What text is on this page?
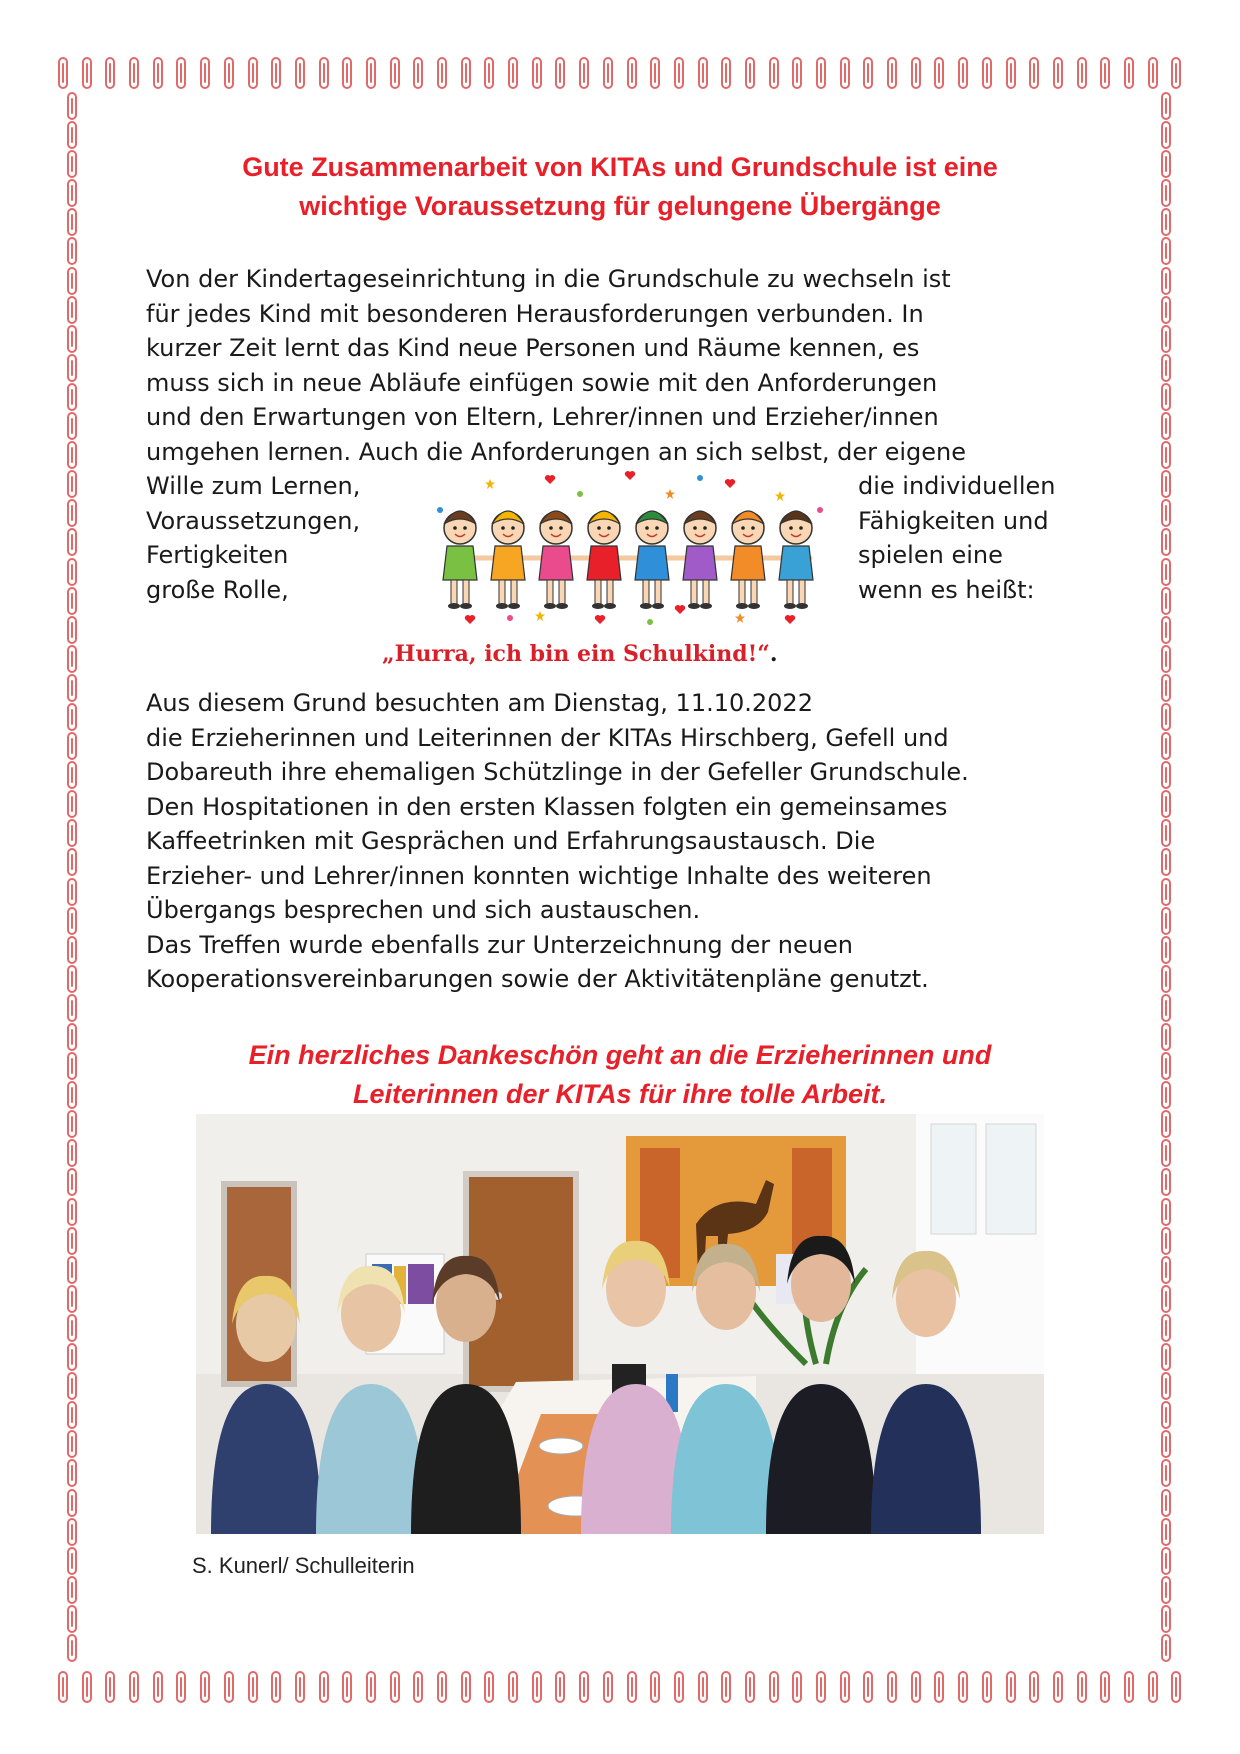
Gute Zusammenarbeit von KITAs und Grundschule ist eine
wichtige Voraussetzung für gelungene Übergänge
Von der Kindertageseinrichtung in die Grundschule zu wechseln ist
für jedes Kind mit besonderen Herausforderungen verbunden. In
kurzer Zeit lernt das Kind neue Personen und Räume kennen, es
muss sich in neue Abläufe einfügen sowie mit den Anforderungen
und den Erwartungen von Eltern, Lehrer/innen und Erzieher/innen
umgehen lernen. Auch die Anforderungen an sich selbst, der eigene
Wille zum Lernen,
Voraussetzungen,
Fertigkeiten
große Rolle,
die individuellen
Fähigkeiten und
spielen eine
wenn es heißt:
„Hurra, ich bin ein Schulkind!“.
Aus diesem Grund besuchten am Dienstag, 11.10.2022
die Erzieherinnen und Leiterinnen der KITAs Hirschberg, Gefell und
Dobareuth ihre ehemaligen Schützlinge in der Gefeller Grundschule.
Den Hospitationen in den ersten Klassen folgten ein gemeinsames
Kaffeetrinken mit Gesprächen und Erfahrungsaustausch. Die
Erzieher- und Lehrer/innen konnten wichtige Inhalte des weiteren
Übergangs besprechen und sich austauschen.
Das Treffen wurde ebenfalls zur Unterzeichnung der neuen
Kooperationsvereinbarungen sowie der Aktivitätenpläne genutzt.
Ein herzliches Dankeschön geht an die Erzieherinnen und
Leiterinnen der KITAs für ihre tolle Arbeit.
S. Kunerl/ Schulleiterin
